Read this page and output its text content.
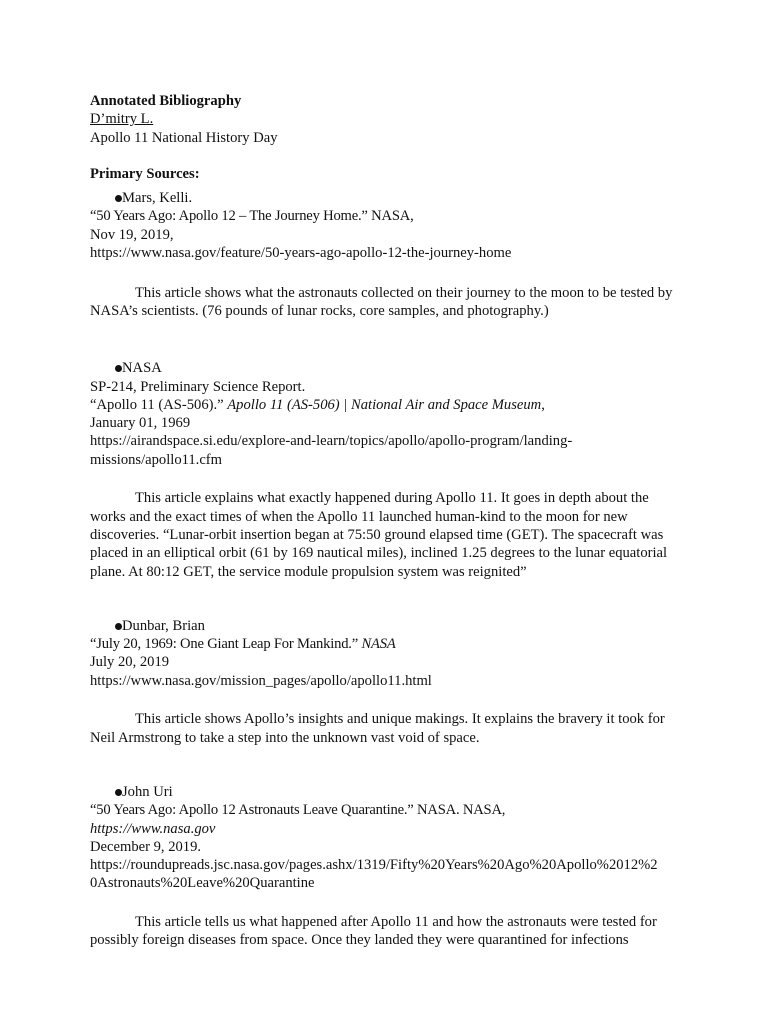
Annotated Bibliography
D’mitry L.
Apollo 11 National History Day
Primary Sources:
Mars, Kelli.
“50 Years Ago: Apollo 12 – The Journey Home.” NASA,
Nov 19, 2019,
https://www.nasa.gov/feature/50-years-ago-apollo-12-the-journey-home

This article shows what the astronauts collected on their journey to the moon to be tested by NASA’s scientists. (76 pounds of lunar rocks, core samples, and photography.)

NASA
SP-214, Preliminary Science Report.
“Apollo 11 (AS-506).” Apollo 11 (AS-506) | National Air and Space Museum,
January 01, 1969
https://airandspace.si.edu/explore-and-learn/topics/apollo/apollo-program/landing-
missions/apollo11.cfm

This article explains what exactly happened during Apollo 11. It goes in depth about the works and the exact times of when the Apollo 11 launched human-kind to the moon for new discoveries. “Lunar-orbit insertion began at 75:50 ground elapsed time (GET). The spacecraft was placed in an elliptical orbit (61 by 169 nautical miles), inclined 1.25 degrees to the lunar equatorial plane. At 80:12 GET, the service module propulsion system was reignited”

Dunbar, Brian
“July 20, 1969: One Giant Leap For Mankind.” NASA
July 20, 2019
https://www.nasa.gov/mission_pages/apollo/apollo11.html

This article shows Apollo’s insights and unique makings. It explains the bravery it took for Neil Armstrong to take a step into the unknown vast void of space.

John Uri
“50 Years Ago: Apollo 12 Astronauts Leave Quarantine.” NASA. NASA,
https://www.nasa.gov
December 9, 2019.
https://roundupreads.jsc.nasa.gov/pages.ashx/1319/Fifty%20Years%20Ago%20Apollo%2012%2
0Astronauts%20Leave%20Quarantine

This article tells us what happened after Apollo 11 and how the astronauts were tested for possibly foreign diseases from space. Once they landed they were quarantined for infections
